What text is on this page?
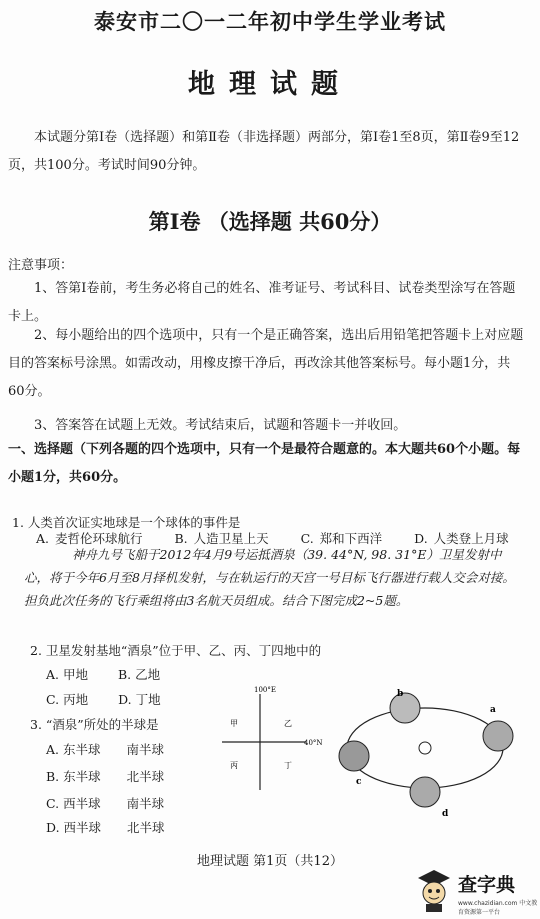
泰安市二〇一二年初中学生学业考试
地理试题
本试题分第Ⅰ卷（选择题）和第Ⅱ卷（非选择题）两部分，第Ⅰ卷1至8页，第Ⅱ卷9至12页，共100分。考试时间90分钟。
第Ⅰ卷 （选择题 共60分）
注意事项：
1、答第Ⅰ卷前，考生务必将自己的姓名、准考证号、考试科目、试卷类型涂写在答题卡上。
2、每小题给出的四个选项中，只有一个是正确答案，选出后用铅笔把答题卡上对应题目的答案标号涂黑。如需改动，用橡皮擦干净后，再改涂其他答案标号。每小题1分，共60分。
3、答案答在试题上无效。考试结束后，试题和答题卡一并收回。
一、选择题（下列各题的四个选项中，只有一个是最符合题意的。本大题共60个小题。每小题1分，共60分。
1. 人类首次证实地球是一个球体的事件是
A. 麦哲伦环球航行	B. 人造卫星上天	C. 郑和下西洋	D. 人类登上月球
神舟九号飞船于2012年4月9号运抵酒泉（39. 44°N, 98. 31°E）卫星发射中心，将于今年6月至8月择机发射，与在轨运行的天宫一号目标飞行器进行载人交会对接。担负此次任务的飞行乘组将由3名航天员组成。结合下图完成2~5题。
2. 卫星发射基地“酒泉”位于甲、乙、丙、丁四地中的
A. 甲地 B. 乙地
C. 丙地 D. 丁地
3. “酒泉”所处的半球是
A. 东半球 南半球
B. 东半球 北半球
C. 西半球 南半球
D. 西半球 北半球
100°E
40°N
甲	乙
丙	丁
b
a
c
d
地理试题 第1页（共12）
查字典
www.chazidian.com 中文教育资源第一平台
